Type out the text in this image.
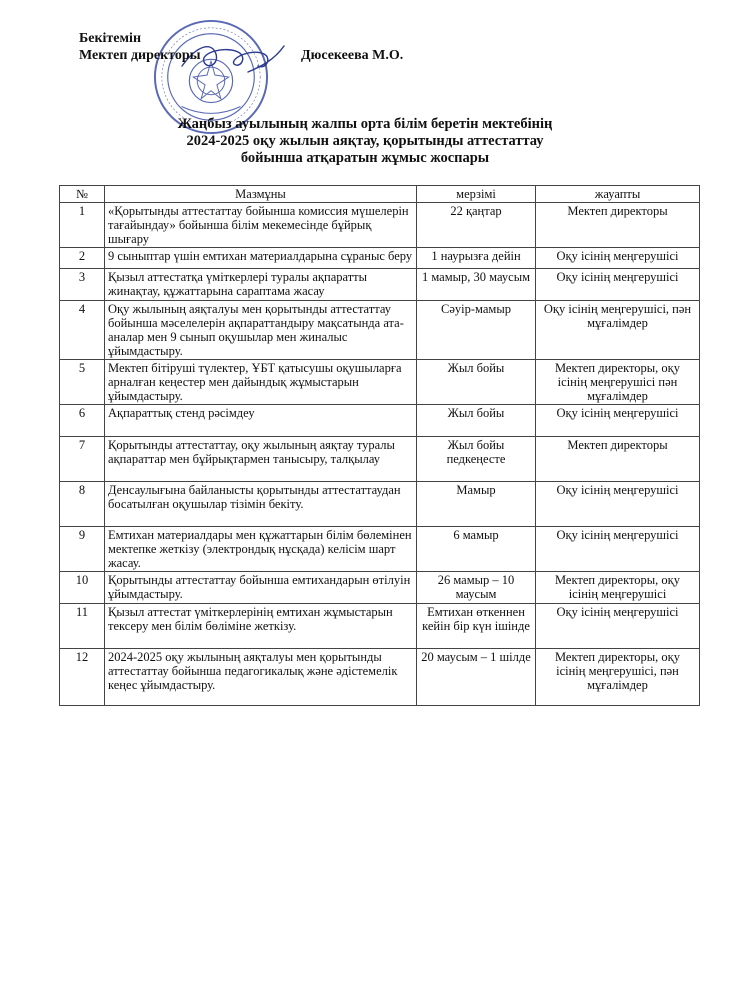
Бекітемін
Мектеп директоры	Дюсекеева М.О.
Жаңбыз ауылының жалпы орта білім беретін мектебінің
2024-2025 оқу жылын аяқтау, қорытынды аттестаттау
бойынша атқаратын жұмыс жоспары
№	Мазмұны	мерзімі	жауапты
1	«Қорытынды аттестаттау бойынша комиссия мүшелерін тағайындау» бойынша білім мекемесінде бұйрық шығару	22 қаңтар	Мектеп директоры
2	9 сыныптар үшін емтихан материалдарына сұраныс беру	1 наурызға дейін	Оқу ісінің меңгерушісі
3	Қызыл аттестатқа үміткерлері туралы ақпаратты жинақтау, құжаттарына сараптама жасау	1 мамыр, 30 маусым	Оқу ісінің меңгерушісі
4	Оқу жылының аяқталуы мен қорытынды аттестаттау бойынша мәселелерін ақпараттандыру мақсатында ата-аналар мен 9 сынып оқушылар мен жиналыс ұйымдастыру.	Сәуір-мамыр	Оқу ісінің меңгерушісі, пән мұғалімдер
5	Мектеп бітіруші түлектер, ҰБТ қатысушы оқушыларға арналған кеңестер мен дайындық жұмыстарын ұйымдастыру.	Жыл бойы	Мектеп директоры, оқу ісінің меңгерушісі пән мұғалімдер
6	Ақпараттық стенд рәсімдеу	Жыл бойы	Оқу ісінің меңгерушісі
7	Қорытынды аттестаттау, оқу жылының аяқтау туралы ақпараттар мен бұйрықтармен танысыру, талқылау	Жыл бойы педкеңесте	Мектеп директоры
8	Денсаулығына байланысты қорытынды аттестаттаудан босатылған оқушылар тізімін бекіту.	Мамыр	Оқу ісінің меңгерушісі
9	Емтихан материалдары мен құжаттарын білім бөлемінен мектепке жеткізу (электрондық нұсқада) келісім шарт жасау.	6 мамыр	Оқу ісінің меңгерушісі
10	Қорытынды аттестаттау бойынша емтихандарын өтілуін ұйымдастыру.	26 мамыр – 10 маусым	Мектеп директоры, оқу ісінің меңгерушісі
11	Қызыл аттестат үміткерлерінің емтихан жұмыстарын тексеру мен білім бөліміне жеткізу.	Емтихан өткеннен кейін бір күн ішінде	Оқу ісінің меңгерушісі
12	2024-2025 оқу жылының аяқталуы мен қорытынды аттестаттау бойынша педагогикалық және әдістемелік кеңес ұйымдастыру.	20 маусым – 1 шілде	Мектеп директоры, оқу ісінің меңгерушісі, пән мұғалімдер
